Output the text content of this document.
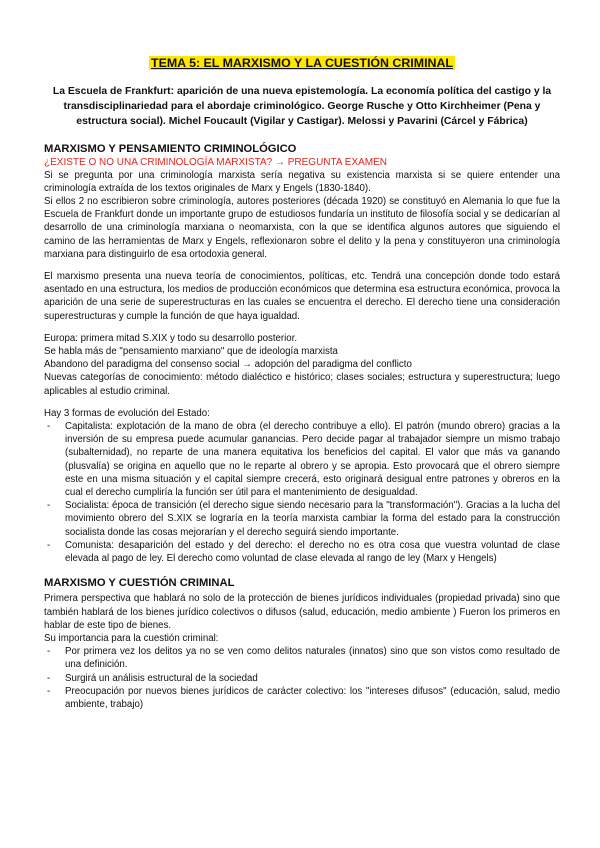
TEMA 5: EL MARXISMO Y LA CUESTIÓN CRIMINAL
La Escuela de Frankfurt: aparición de una nueva epistemología. La economía política del castigo y la transdisciplinariedad para el abordaje criminológico. George Rusche y Otto Kirchheimer (Pena y estructura social). Michel Foucault (Vigilar y Castigar). Melossi y Pavarini (Cárcel y Fábrica)
MARXISMO Y PENSAMIENTO CRIMINOLÓGICO
¿EXISTE O NO UNA CRIMINOLOGÍA MARXISTA? → PREGUNTA EXAMEN

Si se pregunta por una criminología marxista sería negativa su existencia marxista si se quiere entender una criminología extraída de los textos originales de Marx y Engels (1830-1840).

Si ellos 2 no escribieron sobre criminología, autores posteriores (década 1920) se constituyó en Alemania lo que fue la Escuela de Frankfurt donde un importante grupo de estudiosos fundaría un instituto de filosofía social y se dedicarían al desarrollo de una criminología marxiana o neomarxista, con la que se identifica algunos autores que siguiendo el camino de las herramientas de Marx y Engels, reflexionaron sobre el delito y la pena y constituyeron una criminología marxiana para distinguirlo de esa ortodoxia general.

El marxismo presenta una nueva teoría de conocimientos, políticas, etc. Tendrá una concepción donde todo estará asentado en una estructura, los medios de producción económicos que determina esa estructura económica, provoca la aparición de una serie de superestructuras en las cuales se encuentra el derecho. El derecho tiene una consideración superestructuras y cumple la función de que haya igualdad.

Europa: primera mitad S.XIX y todo su desarrollo posterior.

Se habla más de "pensamiento marxiano" que de ideología marxista

Abandono del paradigma del consenso social → adopción del paradigma del conflicto

Nuevas categorías de conocimiento: método dialéctico e histórico; clases sociales; estructura y superestructura; luego aplicables al estudio criminal.

Hay 3 formas de evolución del Estado:

- Capitalista: explotación de la mano de obra (el derecho contribuye a ello). El patrón (mundo obrero) gracias a la inversión de su empresa puede acumular ganancias. Pero decide pagar al trabajador siempre un mismo trabajo (subalternidad), no reparte de una manera equitativa los beneficios del capital. El valor que más va ganando (plusvalía) se origina en aquello que no le reparte al obrero y se apropia. Esto provocará que el obrero siempre este en una misma situación y el capital siempre crecerá, esto originará desigual entre patrones y obreros en la cual el derecho cumpliría la función ser útil para el mantenimiento de desigualdad.
- Socialista: época de transición (el derecho sigue siendo necesario para la "transformación"). Gracias a la lucha del movimiento obrero del S.XIX se lograría en la teoría marxista cambiar la forma del estado para la construcción socialista donde las cosas mejorarían y el derecho seguirá siendo importante.
- Comunista: desaparición del estado y del derecho: el derecho no es otra cosa que vuestra voluntad de clase elevada al pago de ley. El derecho como voluntad de clase elevada al rango de ley (Marx y Hengels)
MARXISMO Y CUESTIÓN CRIMINAL

Primera perspectiva que hablará no solo de la protección de bienes jurídicos individuales (propiedad privada) sino que también hablará de los bienes jurídico colectivos o difusos (salud, educación, medio ambiente ) Fueron los primeros en hablar de este tipo de bienes.

Su importancia para la cuestión criminal:

- Por primera vez los delitos ya no se ven como delitos naturales (innatos) sino que son vistos como resultado de una definición.
- Surgirá un análisis estructural de la sociedad
- Preocupación por nuevos bienes jurídicos de carácter colectivo: los "intereses difusos" (educación, salud, medio ambiente, trabajo)
